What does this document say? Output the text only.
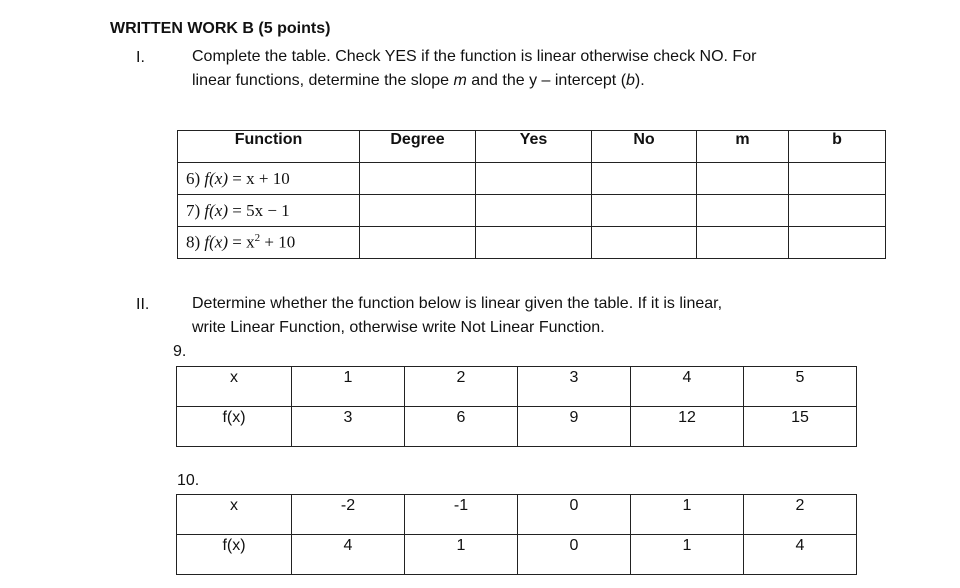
WRITTEN WORK B (5 points)
I.	Complete the table. Check YES if the function is linear otherwise check NO. For
linear functions, determine the slope m and the y – intercept (b).
Function	Degree	Yes	No	m	b
6) f(x) = x + 10					
7) f(x) = 5x − 1					
8) $f(x) = x^2 + 10$					
II.	Determine whether the function below is linear given the table. If it is linear,
write Linear Function, otherwise write Not Linear Function.
9.
x	1	2	3	4	5
f(x)	3	6	9	12	15
10.
x	-2	-1	0	1	2
f(x)	4	1	0	1	4
